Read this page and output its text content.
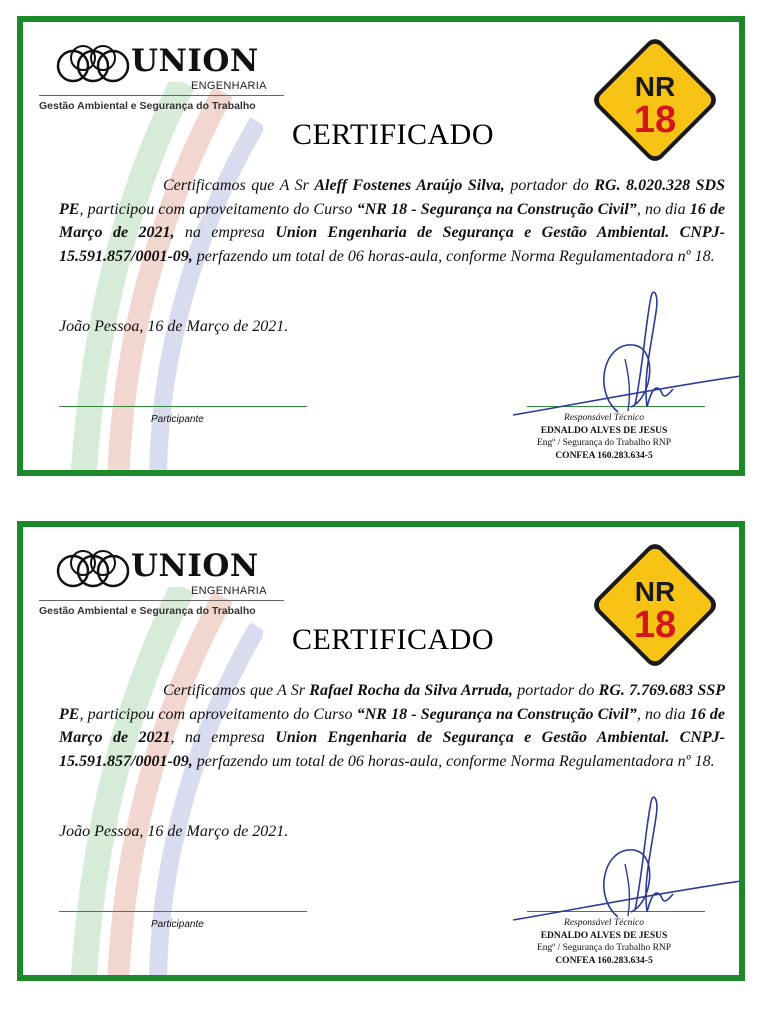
UNION
ENGENHARIA
Gestão Ambiental e Segurança do Trabalho
NR
18
CERTIFICADO
Certificamos que A Sr Aleff Fostenes Araújo Silva, portador do RG. 8.020.328 SDS PE, participou com aproveitamento do Curso “NR 18 - Segurança na Construção Civil”, no dia 16 de Março de 2021, na empresa Union Engenharia de Segurança e Gestão Ambiental. CNPJ- 15.591.857/0001-09, perfazendo um total de 06 horas-aula, conforme Norma Regulamentadora nº 18.
João Pessoa, 16 de Março de 2021.
Participante	Responsável Técnico
EDNALDO ALVES DE JESUS
Engº / Segurança do Trabalho RNP
CONFEA 160.283.634-5
UNION
ENGENHARIA
Gestão Ambiental e Segurança do Trabalho
NR
18
CERTIFICADO
Certificamos que A Sr Rafael Rocha da Silva Arruda, portador do RG. 7.769.683 SSP PE, participou com aproveitamento do Curso “NR 18 - Segurança na Construção Civil”, no dia 16 de Março de 2021, na empresa Union Engenharia de Segurança e Gestão Ambiental. CNPJ- 15.591.857/0001-09, perfazendo um total de 06 horas-aula, conforme Norma Regulamentadora nº 18.
João Pessoa, 16 de Março de 2021.
Participante	Responsável Técnico
EDNALDO ALVES DE JESUS
Engº / Segurança do Trabalho RNP
CONFEA 160.283.634-5
